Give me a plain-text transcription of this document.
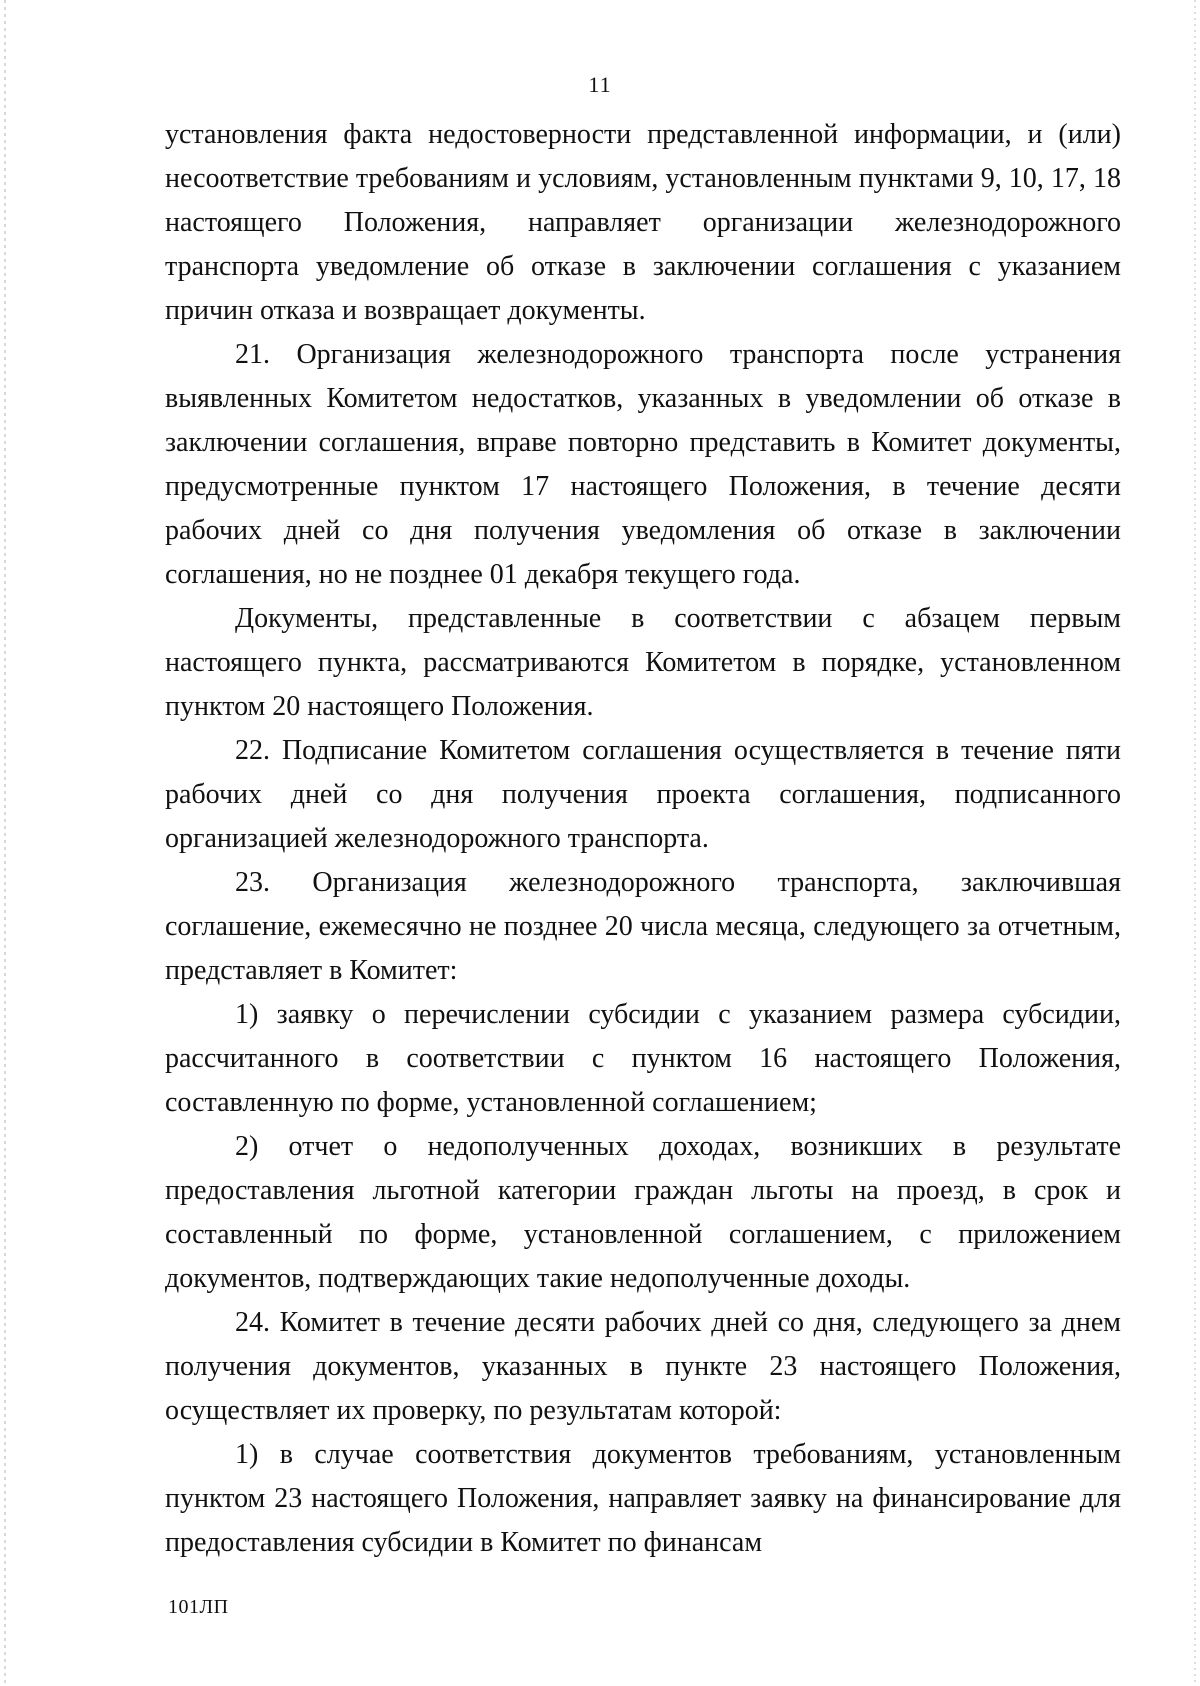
11

установления факта недостоверности представленной информации, и (или) несоответствие требованиям и условиям, установленным пунктами 9, 10, 17, 18 настоящего Положения, направляет организации железнодорожного транспорта уведомление об отказе в заключении соглашения с указанием причин отказа и возвращает документы.

21. Организация железнодорожного транспорта после устранения выявленных Комитетом недостатков, указанных в уведомлении об отказе в заключении соглашения, вправе повторно представить в Комитет документы, предусмотренные пунктом 17 настоящего Положения, в течение десяти рабочих дней со дня получения уведомления об отказе в заключении соглашения, но не позднее 01 декабря текущего года.

Документы, представленные в соответствии с абзацем первым настоящего пункта, рассматриваются Комитетом в порядке, установленном пунктом 20 настоящего Положения.

22. Подписание Комитетом соглашения осуществляется в течение пяти рабочих дней со дня получения проекта соглашения, подписанного организацией железнодорожного транспорта.

23. Организация железнодорожного транспорта, заключившая соглашение, ежемесячно не позднее 20 числа месяца, следующего за отчетным, представляет в Комитет:

1) заявку о перечислении субсидии с указанием размера субсидии, рассчитанного в соответствии с пунктом 16 настоящего Положения, составленную по форме, установленной соглашением;

2) отчет о недополученных доходах, возникших в результате предоставления льготной категории граждан льготы на проезд, в срок и составленный по форме, установленной соглашением, с приложением документов, подтверждающих такие недополученные доходы.

24. Комитет в течение десяти рабочих дней со дня, следующего за днем получения документов, указанных в пункте 23 настоящего Положения, осуществляет их проверку, по результатам которой:

1) в случае соответствия документов требованиям, установленным пунктом 23 настоящего Положения, направляет заявку на финансирование для предоставления субсидии в Комитет по финансам

101ЛП
